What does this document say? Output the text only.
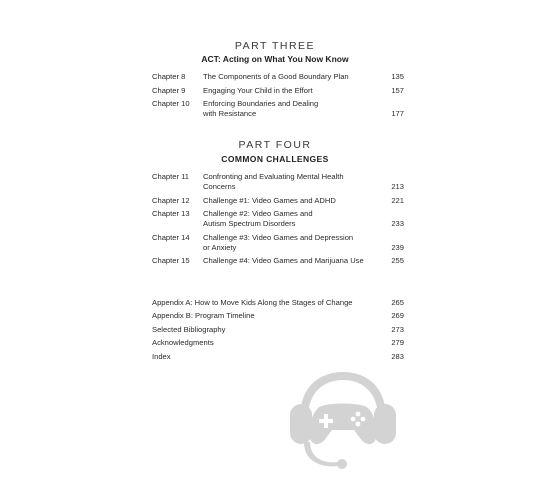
PART THREE
ACT: Acting on What You Now Know
Chapter 8 The Components of a Good Boundary Plan	135
Chapter 9 Engaging Your Child in the Effort	157
Chapter 10 Enforcing Boundaries and Dealing
with Resistance	177
PART FOUR
COMMON CHALLENGES
Chapter 11 Confronting and Evaluating Mental Health
Concerns	213
Chapter 12 Challenge #1: Video Games and ADHD	221
Chapter 13 Challenge #2: Video Games and
Autism Spectrum Disorders	233
Chapter 14 Challenge #3: Video Games and Depression
or Anxiety	239
Chapter 15 Challenge #4: Video Games and Marijuana Use	255
Appendix A: How to Move Kids Along the Stages of Change	265
Appendix B: Program Timeline	269
Selected Bibliography	273
Acknowledgments	279
Index	283
